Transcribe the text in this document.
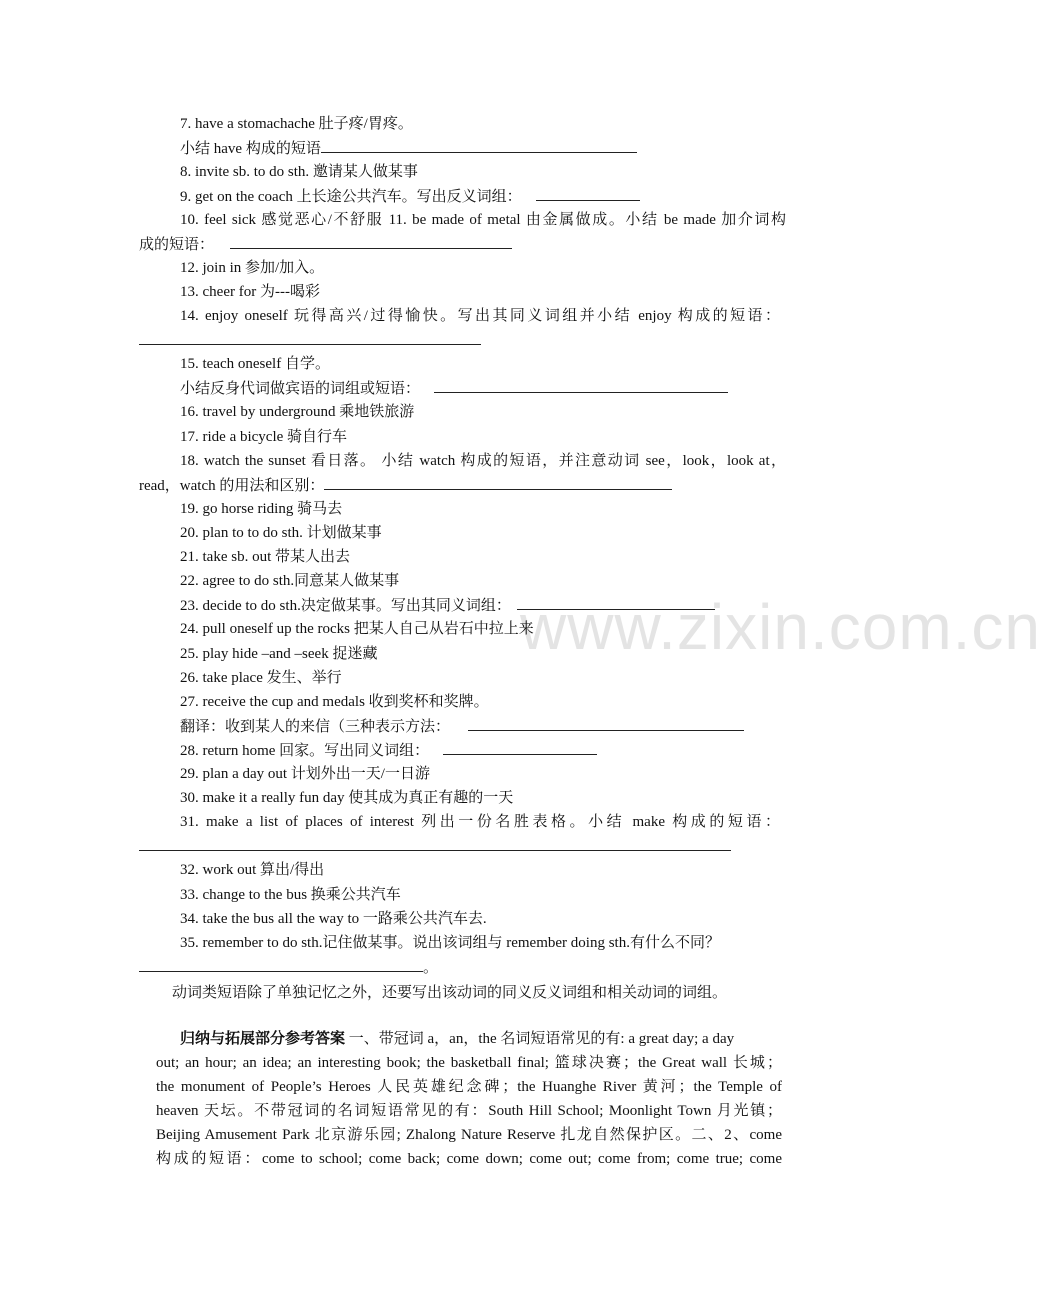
www.zixin.com.cn
7. have a stomachache 肚子疼/胃疼。
小结 have 构成的短语
8. invite sb. to do sth. 邀请某人做某事
9. get on the coach 上长途公共汽车。写出反义词组：
10. feel sick 感觉恶心/不舒服 11. be made of metal 由金属做成。小结 be made 加介词构
成的短语：
12. join in 参加/加入。
13. cheer for 为---喝彩
14. enjoy oneself 玩得高兴/过得愉快。写出其同义词组并小结 enjoy 构成的短语：
15. teach oneself 自学。
小结反身代词做宾语的词组或短语：
16. travel by underground 乘地铁旅游
17. ride a bicycle 骑自行车
18. watch the sunset 看日落。 小结 watch 构成的短语，并注意动词 see，look，look at，
read，watch 的用法和区别：
19. go horse riding 骑马去
20. plan to to do sth. 计划做某事
21. take sb. out 带某人出去
22. agree to do sth.同意某人做某事
23. decide to do sth.决定做某事。写出其同义词组：
24. pull oneself up the rocks 把某人自己从岩石中拉上来
25. play hide –and –seek 捉迷藏
26. take place 发生、举行
27. receive the cup and medals 收到奖杯和奖牌。
翻译：收到某人的来信（三种表示方法：
28. return home 回家。写出同义词组：
29. plan a day out 计划外出一天/一日游
30. make it a really fun day 使其成为真正有趣的一天
31. make a list of places of interest 列出一份名胜表格。小结 make 构成的短语：
32. work out 算出/得出
33. change to the bus 换乘公共汽车
34. take the bus all the way to 一路乘公共汽车去.
35. remember to do sth.记住做某事。说出该词组与 remember doing sth.有什么不同？
。
动词类短语除了单独记忆之外，还要写出该动词的同义反义词组和相关动词的词组。
归纳与拓展部分参考答案 一、带冠词 a，an，the 名词短语常见的有: a great day; a day
out; an hour; an idea; an interesting book; the basketball final; 篮球决赛；the Great wall 长城；
the monument of People’s Heroes 人民英雄纪念碑；the Huanghe River 黄河；the Temple of
heaven 天坛。不带冠词的名词短语常见的有：South Hill School; Moonlight Town 月光镇；
Beijing Amusement Park 北京游乐园; Zhalong Nature Reserve 扎龙自然保护区。二、2、come
构成的短语：come to school; come back; come down; come out; come from; come true; come
